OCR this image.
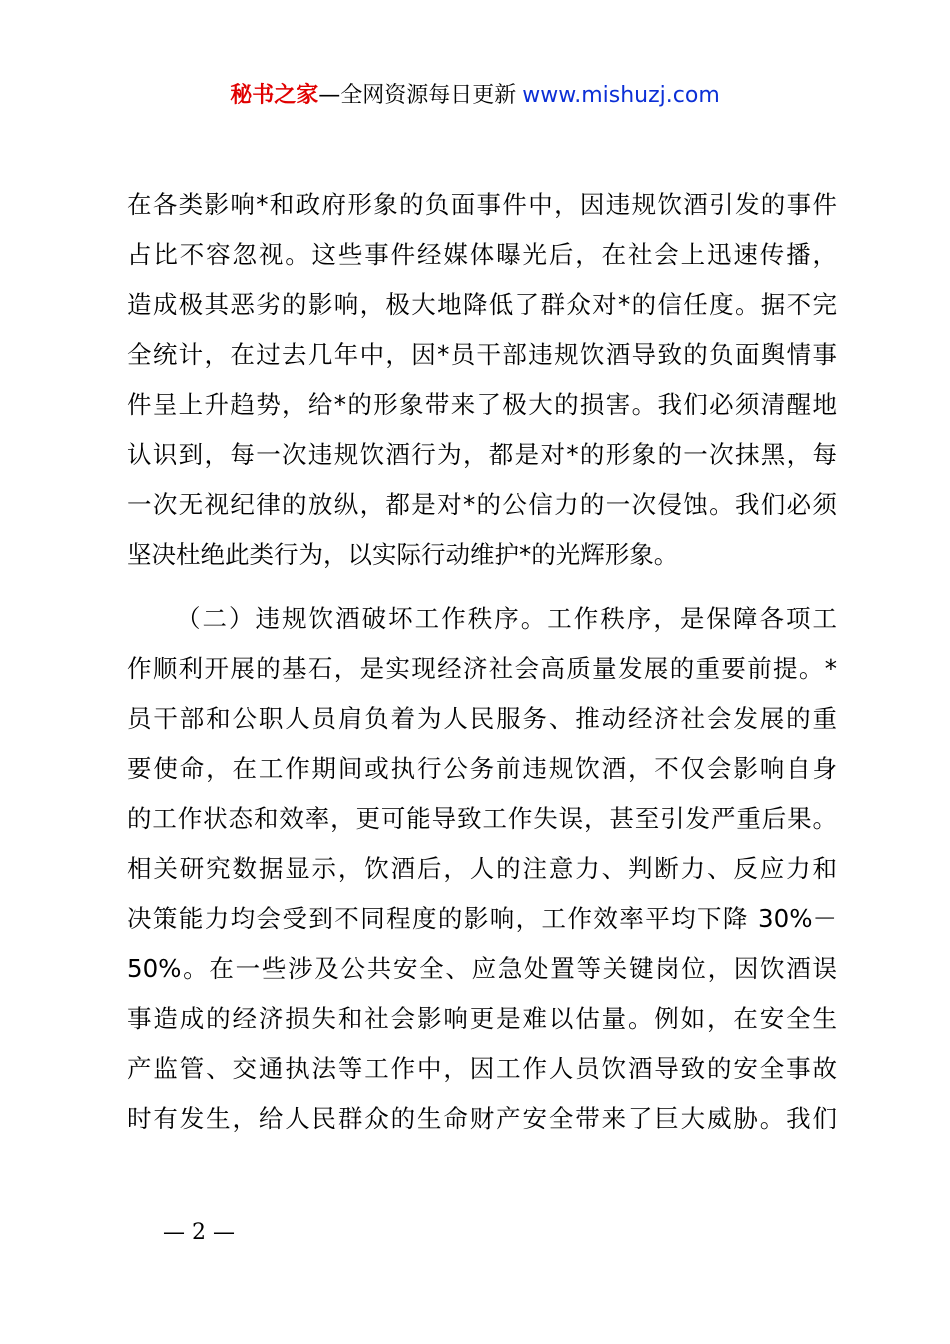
秘书之家—全网资源每日更新 www.mishuzj.com
在各类影响*和政府形象的负面事件中，因违规饮酒引发的事件
占比不容忽视。这些事件经媒体曝光后，在社会上迅速传播，
造成极其恶劣的影响，极大地降低了群众对*的信任度。据不完
全统计，在过去几年中，因*员干部违规饮酒导致的负面舆情事
件呈上升趋势，给*的形象带来了极大的损害。我们必须清醒地
认识到，每一次违规饮酒行为，都是对*的形象的一次抹黑，每
一次无视纪律的放纵，都是对*的公信力的一次侵蚀。我们必须
坚决杜绝此类行为，以实际行动维护*的光辉形象。
（二）违规饮酒破坏工作秩序。工作秩序，是保障各项工
作顺利开展的基石，是实现经济社会高质量发展的重要前提。*
员干部和公职人员肩负着为人民服务、推动经济社会发展的重
要使命，在工作期间或执行公务前违规饮酒，不仅会影响自身
的工作状态和效率，更可能导致工作失误，甚至引发严重后果。
相关研究数据显示，饮酒后，人的注意力、判断力、反应力和
决策能力均会受到不同程度的影响，工作效率平均下降 30%－
50%。在一些涉及公共安全、应急处置等关键岗位，因饮酒误
事造成的经济损失和社会影响更是难以估量。例如，在安全生
产监管、交通执法等工作中，因工作人员饮酒导致的安全事故
时有发生，给人民群众的生命财产安全带来了巨大威胁。我们
— 2 —
